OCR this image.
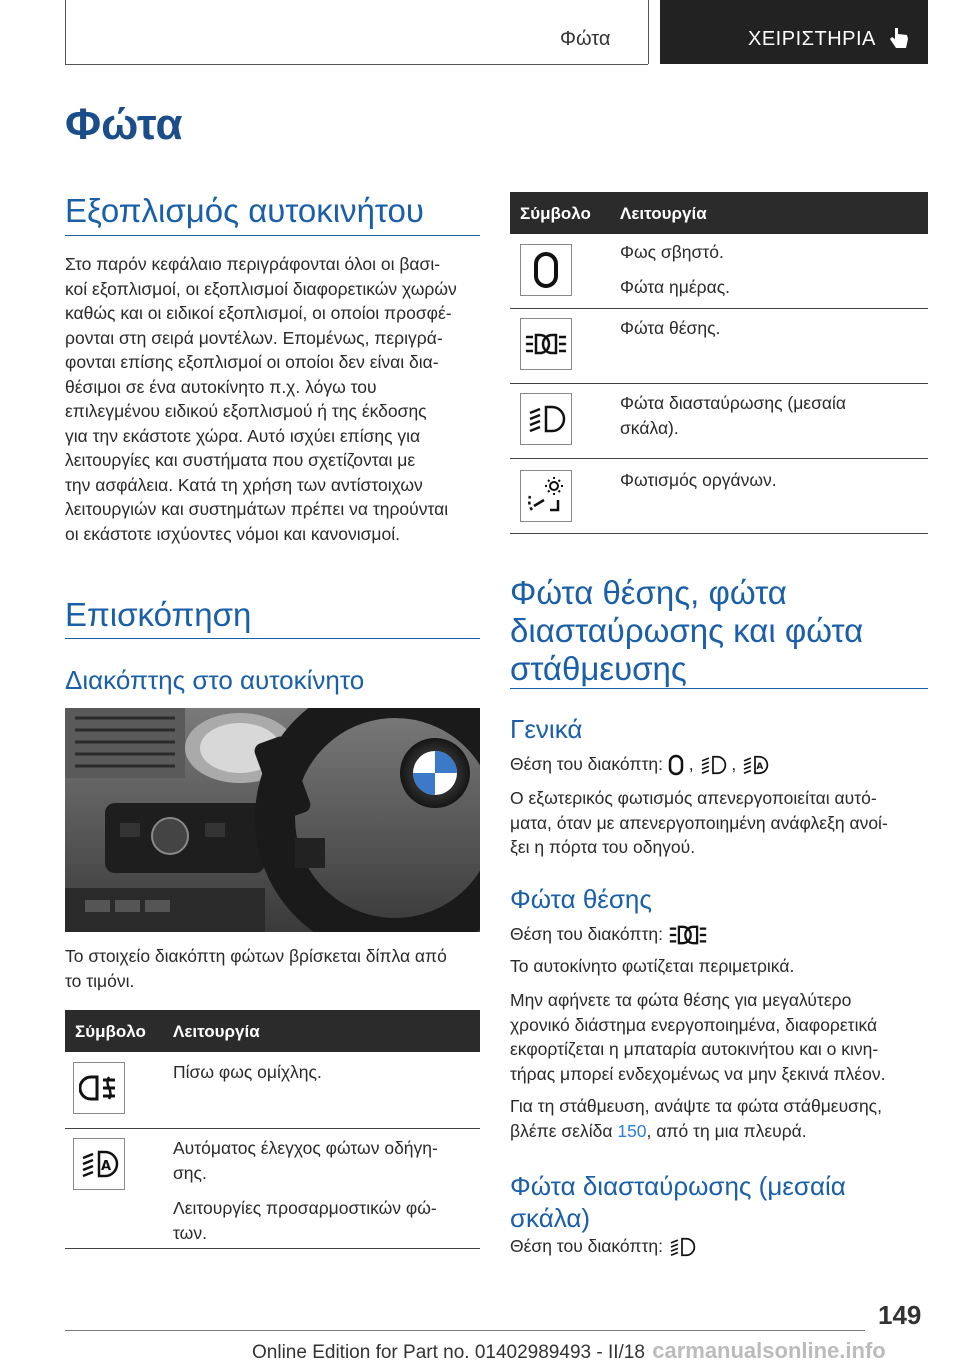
Φώτα	ΧΕΙΡΙΣΤΗΡΙΑ
Φώτα
Εξοπλισμός αυτοκινήτου
Στο παρόν κεφάλαιο περιγράφονται όλοι οι βασι-
κοί εξοπλισμοί, οι εξοπλισμοί διαφορετικών χωρών
καθώς και οι ειδικοί εξοπλισμοί, οι οποίοι προσφέ-
ρονται στη σειρά μοντέλων. Επομένως, περιγρά-
φονται επίσης εξοπλισμοί οι οποίοι δεν είναι δια-
θέσιμοι σε ένα αυτοκίνητο π.χ. λόγω του
επιλεγμένου ειδικού εξοπλισμού ή της έκδοσης
για την εκάστοτε χώρα. Αυτό ισχύει επίσης για
λειτουργίες και συστήματα που σχετίζονται με
την ασφάλεια. Κατά τη χρήση των αντίστοιχων
λειτουργιών και συστημάτων πρέπει να τηρούνται
οι εκάστοτε ισχύοντες νόμοι και κανονισμοί.
Επισκόπηση
Διακόπτης στο αυτοκίνητο
Το στοιχείο διακόπτη φώτων βρίσκεται δίπλα από
το τιμόνι.
Σύμβολο Λειτουργία

Πίσω φως ομίχλης.

A
Αυτόματος έλεγχος φώτων οδήγη-

σης.

Λειτουργίες προσαρμοστικών φώ-
των.
Σύμβολο Λειτουργία

Φως σβηστό.

Φώτα ημέρας.
Φώτα θέσης.
Φώτα διασταύρωσης (μεσαία
σκάλα).
Φωτισμός οργάνων.
Φώτα θέσης, φώτα
διασταύρωσης και φώτα
στάθμευσης
Γενικά
Θέση του διακόπτη: , , A
Ο εξωτερικός φωτισμός απενεργοποιείται αυτό-
ματα, όταν με απενεργοποιημένη ανάφλεξη ανοί-
ξει η πόρτα του οδηγού.
Φώτα θέσης
Θέση του διακόπτη:
Το αυτοκίνητο φωτίζεται περιμετρικά.
Μην αφήνετε τα φώτα θέσης για μεγαλύτερο
χρονικό διάστημα ενεργοποιημένα, διαφορετικά
εκφορτίζεται η μπαταρία αυτοκινήτου και ο κινη-
τήρας μπορεί ενδεχομένως να μην ξεκινά πλέον.
Για τη στάθμευση, ανάψτε τα φώτα στάθμευσης,
βλέπε σελίδα 150, από τη μια πλευρά.
Φώτα διασταύρωσης (μεσαία
σκάλα)
Θέση του διακόπτη:
149
Online Edition for Part no. 01402989493 - II/18 carmanualsonline.info
